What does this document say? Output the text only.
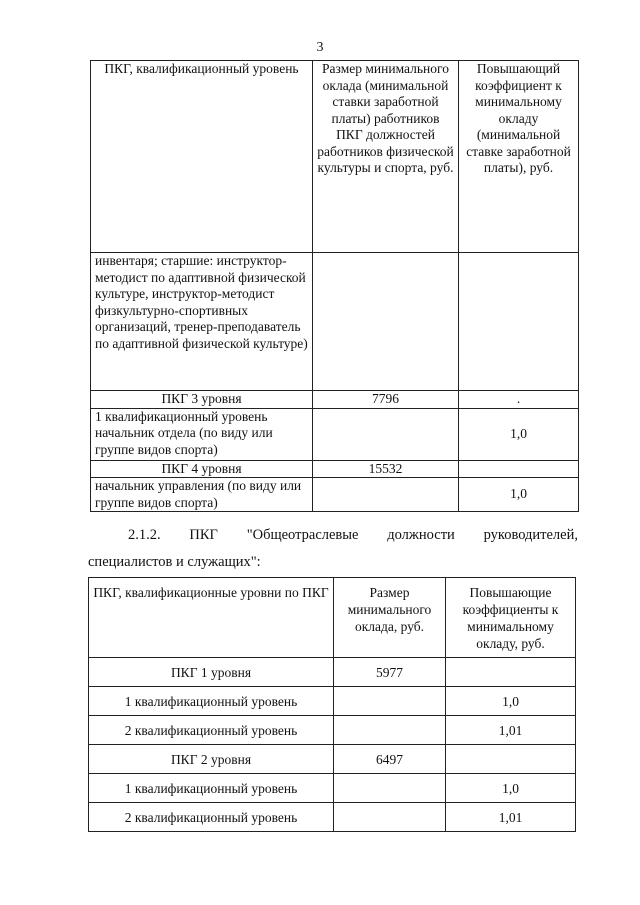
3
ПКГ, квалификационный уровень	Размер минимального оклада (минимальной ставки заработной платы) работников ПКГ должностей работников физической культуры и спорта, руб.	Повышающий коэффициент к минимальному окладу (минимальной ставке заработной платы), руб.
инвентаря; старшие: инструктор-методист по адаптивной физической культуре, инструктор-методист физкультурно-спортивных организаций, тренер-преподаватель по адаптивной физической культуре)		
ПКГ 3 уровня	7796	.
1 квалификационный уровень начальник отдела (по виду или группе видов спорта)		1,0
ПКГ 4 уровня	15532	
начальник управления (по виду или группе видов спорта)		1,0
2.1.2. ПКГ "Общеотраслевые должности руководителей,
специалистов и служащих":
ПКГ, квалификационные уровни по ПКГ	Размер минимального оклада, руб.	Повышающие коэффициенты к минимальному окладу, руб.
ПКГ 1 уровня	5977	
1 квалификационный уровень		1,0
2 квалификационный уровень		1,01
ПКГ 2 уровня	6497	
1 квалификационный уровень		1,0
2 квалификационный уровень		1,01
